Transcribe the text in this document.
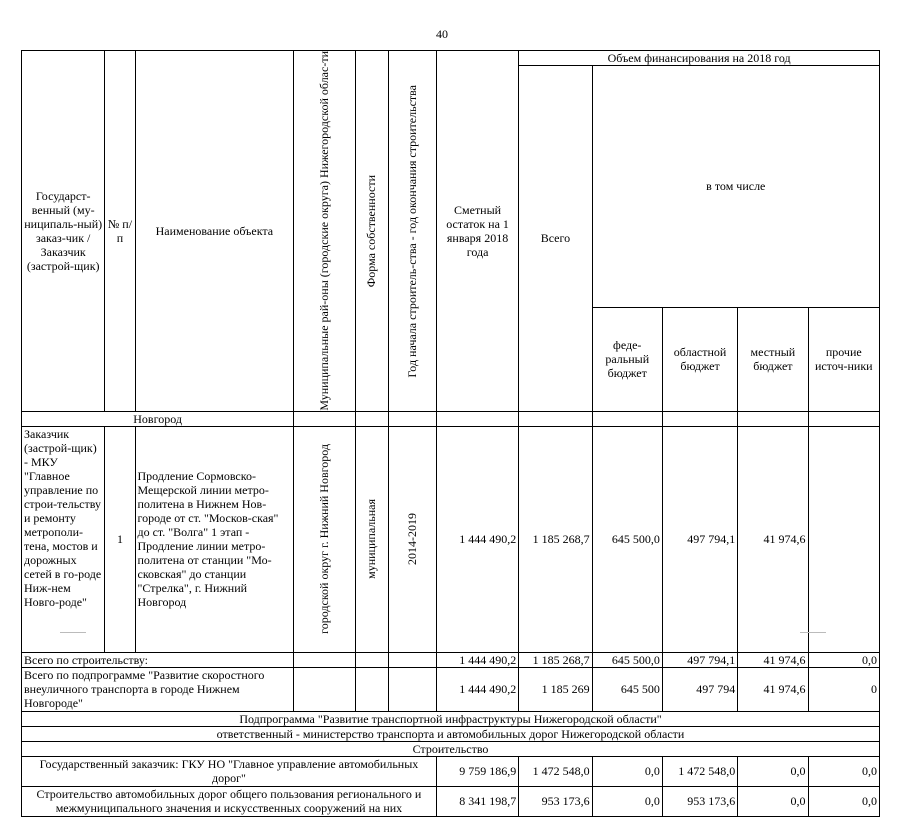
40
Государст-венный (му-ниципаль-ный) заказ-чик / Заказчик (застрой-щик)	№ п/п	Наименование объекта	Муниципальные рай-оны (городские округа) Нижегородской облас-ти	Форма собственности	Год начала строитель-ства - год окончания строительства	Сметный остаток на 1 января 2018 года	Объем финансирования на 2018 год				
							Всего	в том числе			
								феде-ральный бюджет	областной бюджет	местный бюджет	прочие источ-ники
Новгород											
Заказчик (застрой-щик) - МКУ "Главное управление по строи-тельству и ремонту метрополи-тена, мостов и дорожных сетей в го-роде Ниж-нем Новго-роде"	1	Продление Сормовско-Мещерской линии метро-политена в Нижнем Нов-городе от ст. "Москов-ская" до ст. "Волга" 1 этап - Продление линии метро-политена от станции "Мо-сковская" до станции "Стрелка", г. Нижний Новгород	городской округ г. Нижний Новгород	муниципальная	2014-2019	1 444 490,2	1 185 268,7	645 500,0	497 794,1	41 974,6	
Всего по строительству:						1 444 490,2	1 185 268,7	645 500,0	497 794,1	41 974,6	0,0
Всего по подпрограмме "Развитие скоростного внеуличного транспорта в городе Нижнем Новгороде"						1 444 490,2	1 185 269	645 500	497 794	41 974,6	0
Подпрограмма "Развитие транспортной инфраструктуры Нижегородской области"											
ответственный - министерство транспорта и автомобильных дорог Нижегородской области											
Строительство											
Государственный заказчик: ГКУ НО "Главное управление автомобильных дорог"						9 759 186,9	1 472 548,0	0,0	1 472 548,0	0,0	0,0
Строительство автомобильных дорог общего пользования регионального и межмуниципального значения и искусственных сооружений на них						8 341 198,7	953 173,6	0,0	953 173,6	0,0	0,0
